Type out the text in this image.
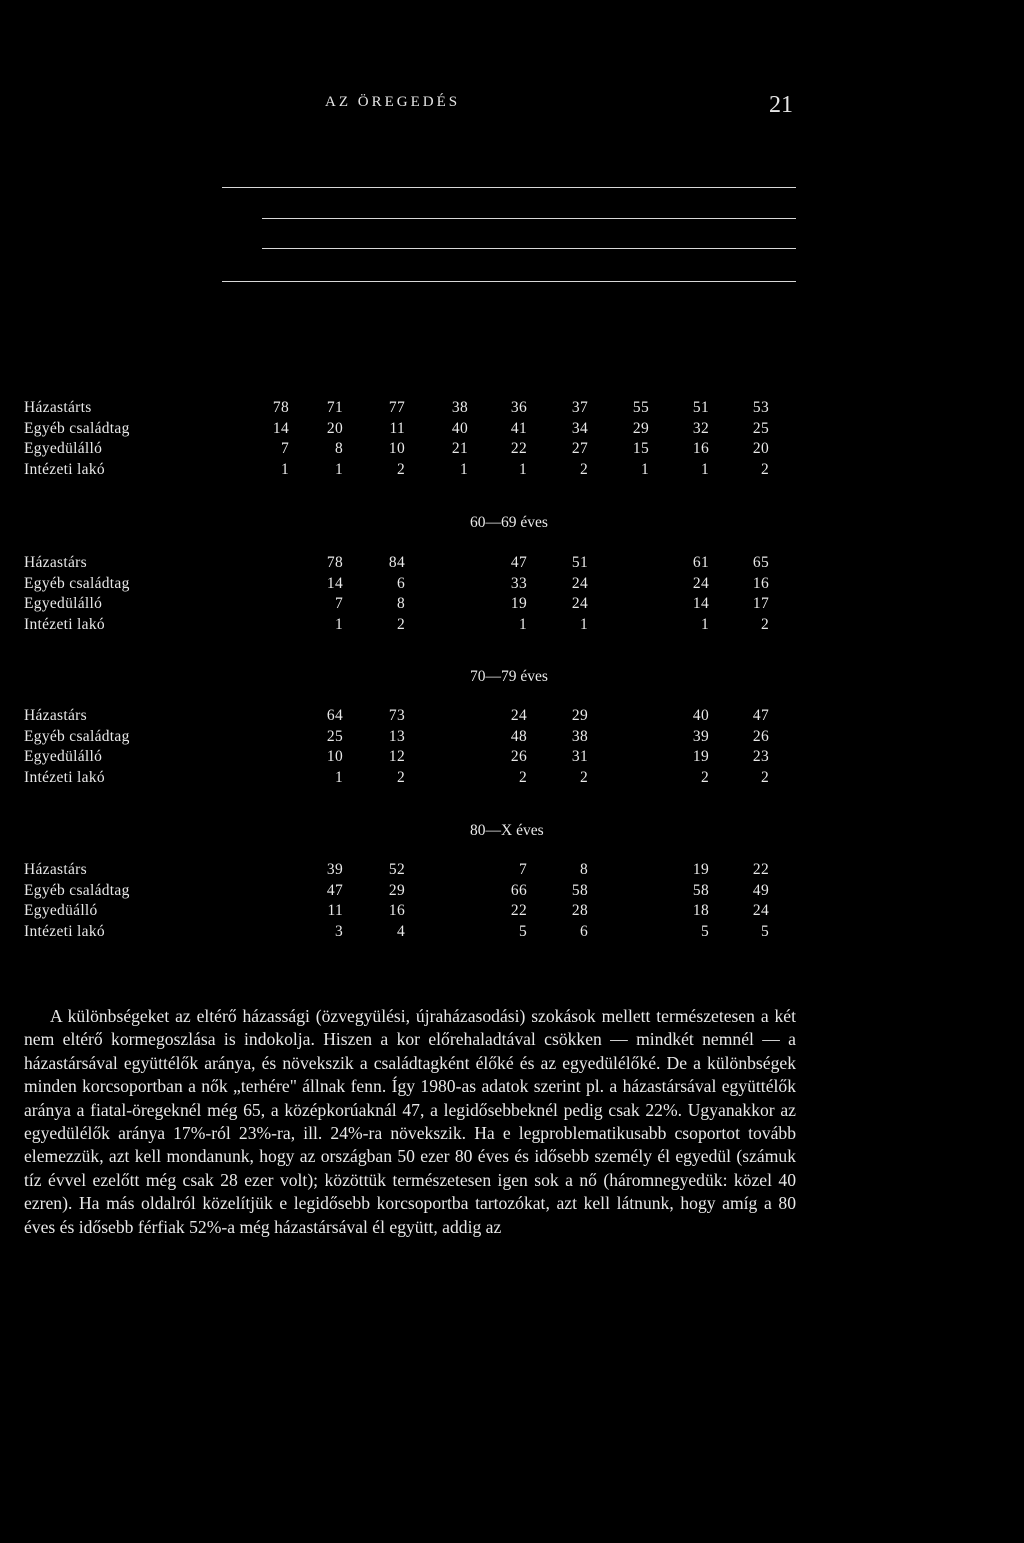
AZ ÖREGEDÉS	21
Házastárts	78	71	77	38	36	37	55	51	53
Egyéb családtag	14	20	11	40	41	34	29	32	25
Egyedülálló	7	8	10	21	22	27	15	16	20
Intézeti lakó	1	1	2	1	1	2	1	1	2
60—69 éves
Házastárs	78	84	47	51	61	65
Egyéb családtag	14	6	33	24	24	16
Egyedülálló	7	8	19	24	14	17
Intézeti lakó	1	2	1	1	1	2
70—79 éves
Házastárs	64	73	24	29	40	47
Egyéb családtag	25	13	48	38	39	26
Egyedülálló	10	12	26	31	19	23
Intézeti lakó	1	2	2	2	2	2
80—X éves
Házastárs	39	52	7	8	19	22
Egyéb családtag	47	29	66	58	58	49
Egyedüálló	11	16	22	28	18	24
Intézeti lakó	3	4	5	6	5	5

A különbségeket az eltérő házassági (özvegyülési, újraházasodási) szokások mellett természetesen a két nem eltérő kormegoszlása is indokolja. Hiszen a kor előrehaladtával csökken — mindkét nemnél — a házastársával együttélők aránya, és növekszik a családtagként élőké és az egyedülélőké. De a különbségek minden korcsoportban a nők „terhére" állnak fenn. Így 1980-as adatok szerint pl. a házastársával együttélők aránya a fiatal-öregeknél még 65, a középkorúaknál 47, a legidősebbeknél pedig csak 22%. Ugyanakkor az egyedülélők aránya 17%-ról 23%-ra, ill. 24%-ra növekszik. Ha e legproblematikusabb csoportot tovább elemezzük, azt kell mondanunk, hogy az országban 50 ezer 80 éves és idősebb személy él egyedül (számuk tíz évvel ezelőtt még csak 28 ezer volt); közöttük természetesen igen sok a nő (háromnegyedük: közel 40 ezren). Ha más oldalról közelítjük e legidősebb korcsoportba tartozókat, azt kell látnunk, hogy amíg a 80 éves és idősebb férfiak 52%-a még házastársával él együtt, addig az
